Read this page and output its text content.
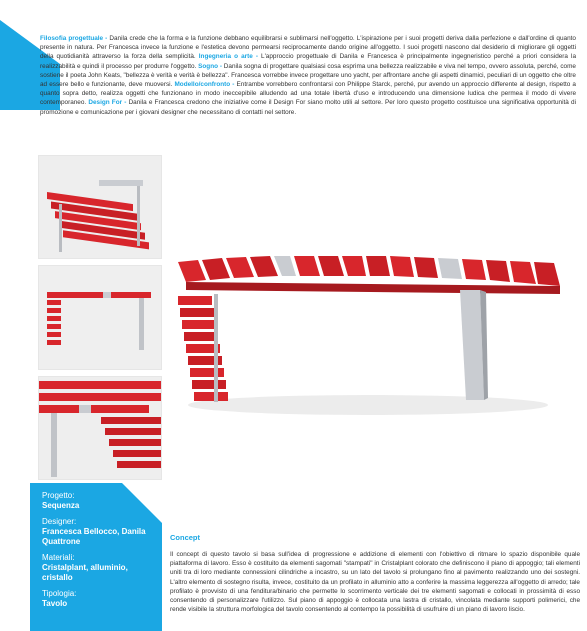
Filosofia progettuale - Danila crede che la forma e la funzione debbano equilibrarsi e sublimarsi nell'oggetto. L'ispirazione per i suoi progetti deriva dalla perfezione e dall'ordine di quanto presente in natura. Per Francesca invece la funzione e l'estetica devono permearsi reciprocamente dando origine all'oggetto. I suoi progetti nascono dal desiderio di migliorare gli oggetti della quotidianità attraverso la forza della semplicità. Ingegneria o arte - L'approccio progettuale di Danila e Francesca è principalmente ingegneristico perché a priori considera la realizzabilità e quindi il processo per produrre l'oggetto. Sogno - Danila sogna di progettare qualsiasi cosa esprima una bellezza realizzabile e viva nel tempo, ovvero assoluta, perché, come sostiene il poeta John Keats, "bellezza è verità e verità è bellezza". Francesca vorrebbe invece progettare uno yacht, per affrontare anche gli aspetti dinamici, peculiari di un oggetto che oltre ad essere bello e funzionante, deve muoversi. Modello/confronto - Entrambe vorrebbero confrontarsi con Philippe Starck, perché, pur avendo un approccio differente al design, rispetto a quanto sopra detto, realizza oggetti che funzionano in modo ineccepibile alludendo ad una totale libertà d'uso e introducendo una dimensione ludica che permea il modo di vivere contemporaneo. Design For - Danila e Francesca credono che iniziative come il Design For siano molto utili al settore. Per loro questo progetto costituisce una significativa opportunità di promozione e comunicazione per i giovani designer che necessitano di contatti nel settore.
Progetto:
Sequenza
Designer:
Francesca Bellocco, Danila Quattrone
Materiali:
Cristalplant, alluminio, cristallo
Tipologia:
Tavolo
Concept
Il concept di questo tavolo si basa sull'idea di progressione e addizione di elementi con l'obiettivo di ritmare lo spazio disponibile quale piattaforma di lavoro. Esso è costituito da elementi sagomati "stampati" in Cristalplant colorato che definiscono il piano di appoggio; tali elementi uniti tra di loro mediante connessioni cilindriche a incastro, su un lato del tavolo si prolungano fino al pavimento realizzando uno dei sostegni. L'altro elemento di sostegno risulta, invece, costituito da un profilato in alluminio atto a conferire la massima leggerezza all'oggetto di arredo; tale profilato è provvisto di una fenditura/binario che permette lo scorrimento verticale dei tre elementi sagomati e collocati in prossimità di esso consentendo di personalizzare l'utilizzo. Sul piano di appoggio è collocata una lastra di cristallo, vincolata mediante supporti polimerici, che rende visibile la struttura morfologica del tavolo consentendo al contempo la possibilità di usufruire di un piano di lavoro liscio.
